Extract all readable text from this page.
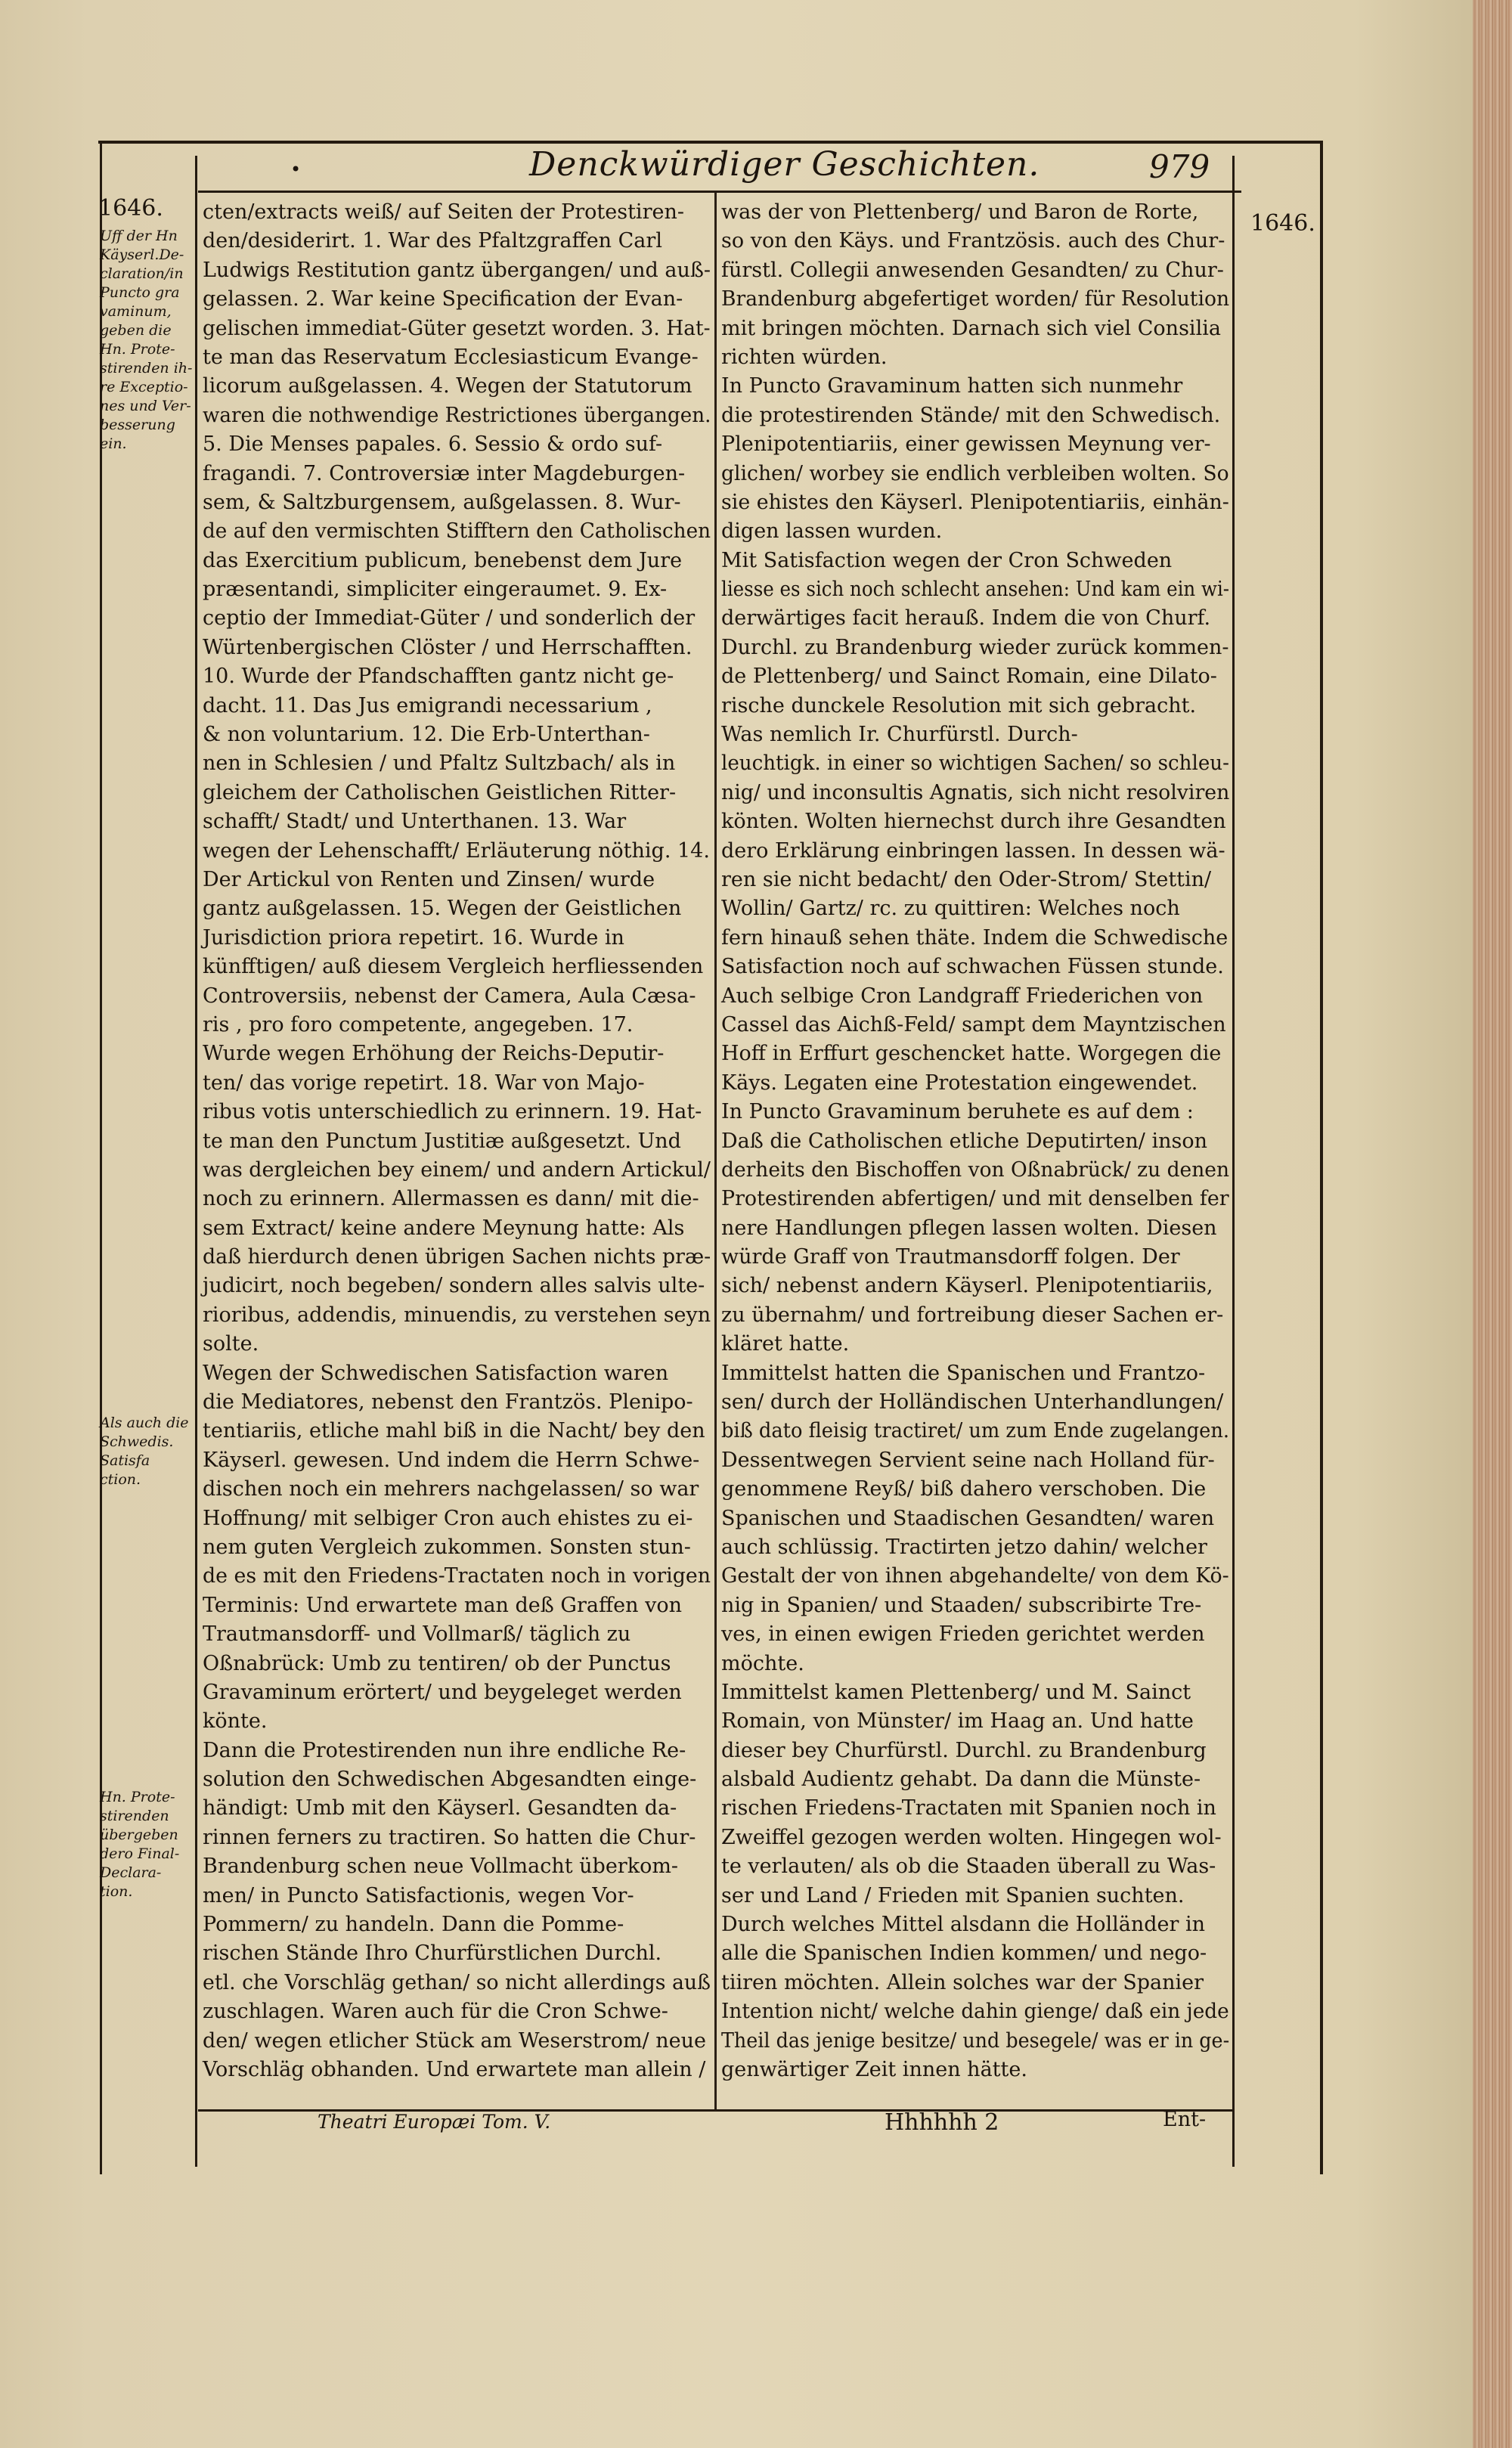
•	Denckwürdiger Geschichten.	979
1646.
1646.
Uff der Hn
Käyserl.De-
claration/in
Puncto gra
vaminum,
geben die
Hn. Prote-
stirenden ih-
re Exceptio-
nes und Ver-
besserung
ein.
Als auch die
Schwedis.
Satisfa
ction.
Hn. Prote-
stirenden
übergeben
dero Final-
Declara-
tion.
cten/extracts weiß/ auf Seiten der Protestiren-
den/desiderirt. 1. War des Pfaltzgraffen Carl
Ludwigs Restitution gantz übergangen/ und auß-
gelassen. 2. War keine Specification der Evan-
gelischen immediat-Güter gesetzt worden. 3. Hat-
te man das Reservatum Ecclesiasticum Evange-
licorum außgelassen. 4. Wegen der Statutorum
waren die nothwendige Restrictiones übergangen.
5. Die Menses papales. 6. Sessio & ordo suf-
fragandi. 7. Controversiæ inter Magdeburgen-
sem, & Saltzburgensem, außgelassen. 8. Wur-
de auf den vermischten Stifftern den Catholischen
das Exercitium publicum, benebenst dem Jure
præsentandi, simpliciter eingeraumet. 9. Ex-
ceptio der Immediat-Güter / und sonderlich der
Würtenbergischen Clöster / und Herrschafften.
10. Wurde der Pfandschafften gantz nicht ge-
dacht. 11. Das Jus emigrandi necessarium ,
& non voluntarium. 12. Die Erb-Unterthan-
nen in Schlesien / und Pfaltz Sultzbach/ als in
gleichem der Catholischen Geistlichen Ritter-
schafft/ Stadt/ und Unterthanen. 13. War
wegen der Lehenschafft/ Erläuterung nöthig. 14.
Der Artickul von Renten und Zinsen/ wurde
gantz außgelassen. 15. Wegen der Geistlichen
Jurisdiction priora repetirt. 16. Wurde in
künfftigen/ auß diesem Vergleich herfliessenden
Controversiis, nebenst der Camera, Aula Cæsa-
ris , pro foro competente, angegeben. 17.
Wurde wegen Erhöhung der Reichs-Deputir-
ten/ das vorige repetirt. 18. War von Majo-
ribus votis unterschiedlich zu erinnern. 19. Hat-
te man den Punctum Justitiæ außgesetzt. Und
was dergleichen bey einem/ und andern Artickul/
noch zu erinnern. Allermassen es dann/ mit die-
sem Extract/ keine andere Meynung hatte: Als
daß hierdurch denen übrigen Sachen nichts præ-
judicirt, noch begeben/ sondern alles salvis ulte-
rioribus, addendis, minuendis, zu verstehen seyn
solte.
Wegen der Schwedischen Satisfaction waren
die Mediatores, nebenst den Frantzös. Plenipo-
tentiariis, etliche mahl biß in die Nacht/ bey den
Käyserl. gewesen. Und indem die Herrn Schwe-
dischen noch ein mehrers nachgelassen/ so war
Hoffnung/ mit selbiger Cron auch ehistes zu ei-
nem guten Vergleich zukommen. Sonsten stun-
de es mit den Friedens-Tractaten noch in vorigen
Terminis: Und erwartete man deß Graffen von
Trautmansdorff- und Vollmarß/ täglich zu
Oßnabrück: Umb zu tentiren/ ob der Punctus
Gravaminum erörtert/ und beygeleget werden
könte.
Dann die Protestirenden nun ihre endliche Re-
solution den Schwedischen Abgesandten einge-
händigt: Umb mit den Käyserl. Gesandten da-
rinnen ferners zu tractiren. So hatten die Chur-
Brandenburg schen neue Vollmacht überkom-
men/ in Puncto Satisfactionis, wegen Vor-
Pommern/ zu handeln. Dann die Pomme-
rischen Stände Ihro Churfürstlichen Durchl.
etl. che Vorschläg gethan/ so nicht allerdings auß
zuschlagen. Waren auch für die Cron Schwe-
den/ wegen etlicher Stück am Weserstrom/ neue
Vorschläg obhanden. Und erwartete man allein /
was der von Plettenberg/ und Baron de Rorte,
so von den Käys. und Frantzösis. auch des Chur-
fürstl. Collegii anwesenden Gesandten/ zu Chur-
Brandenburg abgefertiget worden/ für Resolution
mit bringen möchten. Darnach sich viel Consilia
richten würden.
In Puncto Gravaminum hatten sich nunmehr
die protestirenden Stände/ mit den Schwedisch.
Plenipotentiariis, einer gewissen Meynung ver-
glichen/ worbey sie endlich verbleiben wolten. So
sie ehistes den Käyserl. Plenipotentiariis, einhän-
digen lassen wurden.
Mit Satisfaction wegen der Cron Schweden
liesse es sich noch schlecht ansehen: Und kam ein wi-
derwärtiges facit herauß. Indem die von Churf.
Durchl. zu Brandenburg wieder zurück kommen-
de Plettenberg/ und Sainct Romain, eine Dilato-
rische dunckele Resolution mit sich gebracht.
Was nemlich Ir. Churfürstl. Durch-
leuchtigk. in einer so wichtigen Sachen/ so schleu-
nig/ und inconsultis Agnatis, sich nicht resolviren
könten. Wolten hiernechst durch ihre Gesandten
dero Erklärung einbringen lassen. In dessen wä-
ren sie nicht bedacht/ den Oder-Strom/ Stettin/
Wollin/ Gartz/ rc. zu quittiren: Welches noch
fern hinauß sehen thäte. Indem die Schwedische
Satisfaction noch auf schwachen Füssen stunde.
Auch selbige Cron Landgraff Friederichen von
Cassel das Aichß-Feld/ sampt dem Mayntzischen
Hoff in Erffurt geschencket hatte. Worgegen die
Käys. Legaten eine Protestation eingewendet.
In Puncto Gravaminum beruhete es auf dem :
Daß die Catholischen etliche Deputirten/ inson
derheits den Bischoffen von Oßnabrück/ zu denen
Protestirenden abfertigen/ und mit denselben fer
nere Handlungen pflegen lassen wolten. Diesen
würde Graff von Trautmansdorff folgen. Der
sich/ nebenst andern Käyserl. Plenipotentiariis,
zu übernahm/ und fortreibung dieser Sachen er-
kläret hatte.
Immittelst hatten die Spanischen und Frantzo-
sen/ durch der Holländischen Unterhandlungen/
biß dato fleisig tractiret/ um zum Ende zugelangen.
Dessentwegen Servient seine nach Holland für-
genommene Reyß/ biß dahero verschoben. Die
Spanischen und Staadischen Gesandten/ waren
auch schlüssig. Tractirten jetzo dahin/ welcher
Gestalt der von ihnen abgehandelte/ von dem Kö-
nig in Spanien/ und Staaden/ subscribirte Tre-
ves, in einen ewigen Frieden gerichtet werden
möchte.
Immittelst kamen Plettenberg/ und M. Sainct
Romain, von Münster/ im Haag an. Und hatte
dieser bey Churfürstl. Durchl. zu Brandenburg
alsbald Audientz gehabt. Da dann die Münste-
rischen Friedens-Tractaten mit Spanien noch in
Zweiffel gezogen werden wolten. Hingegen wol-
te verlauten/ als ob die Staaden überall zu Was-
ser und Land / Frieden mit Spanien suchten.
Durch welches Mittel alsdann die Holländer in
alle die Spanischen Indien kommen/ und nego-
tiiren möchten. Allein solches war der Spanier
Intention nicht/ welche dahin gienge/ daß ein jede
Theil das jenige besitze/ und besegele/ was er in ge-
genwärtiger Zeit innen hätte.
Theatri Europæi Tom. V.	Hhhhhh 2	Ent-
